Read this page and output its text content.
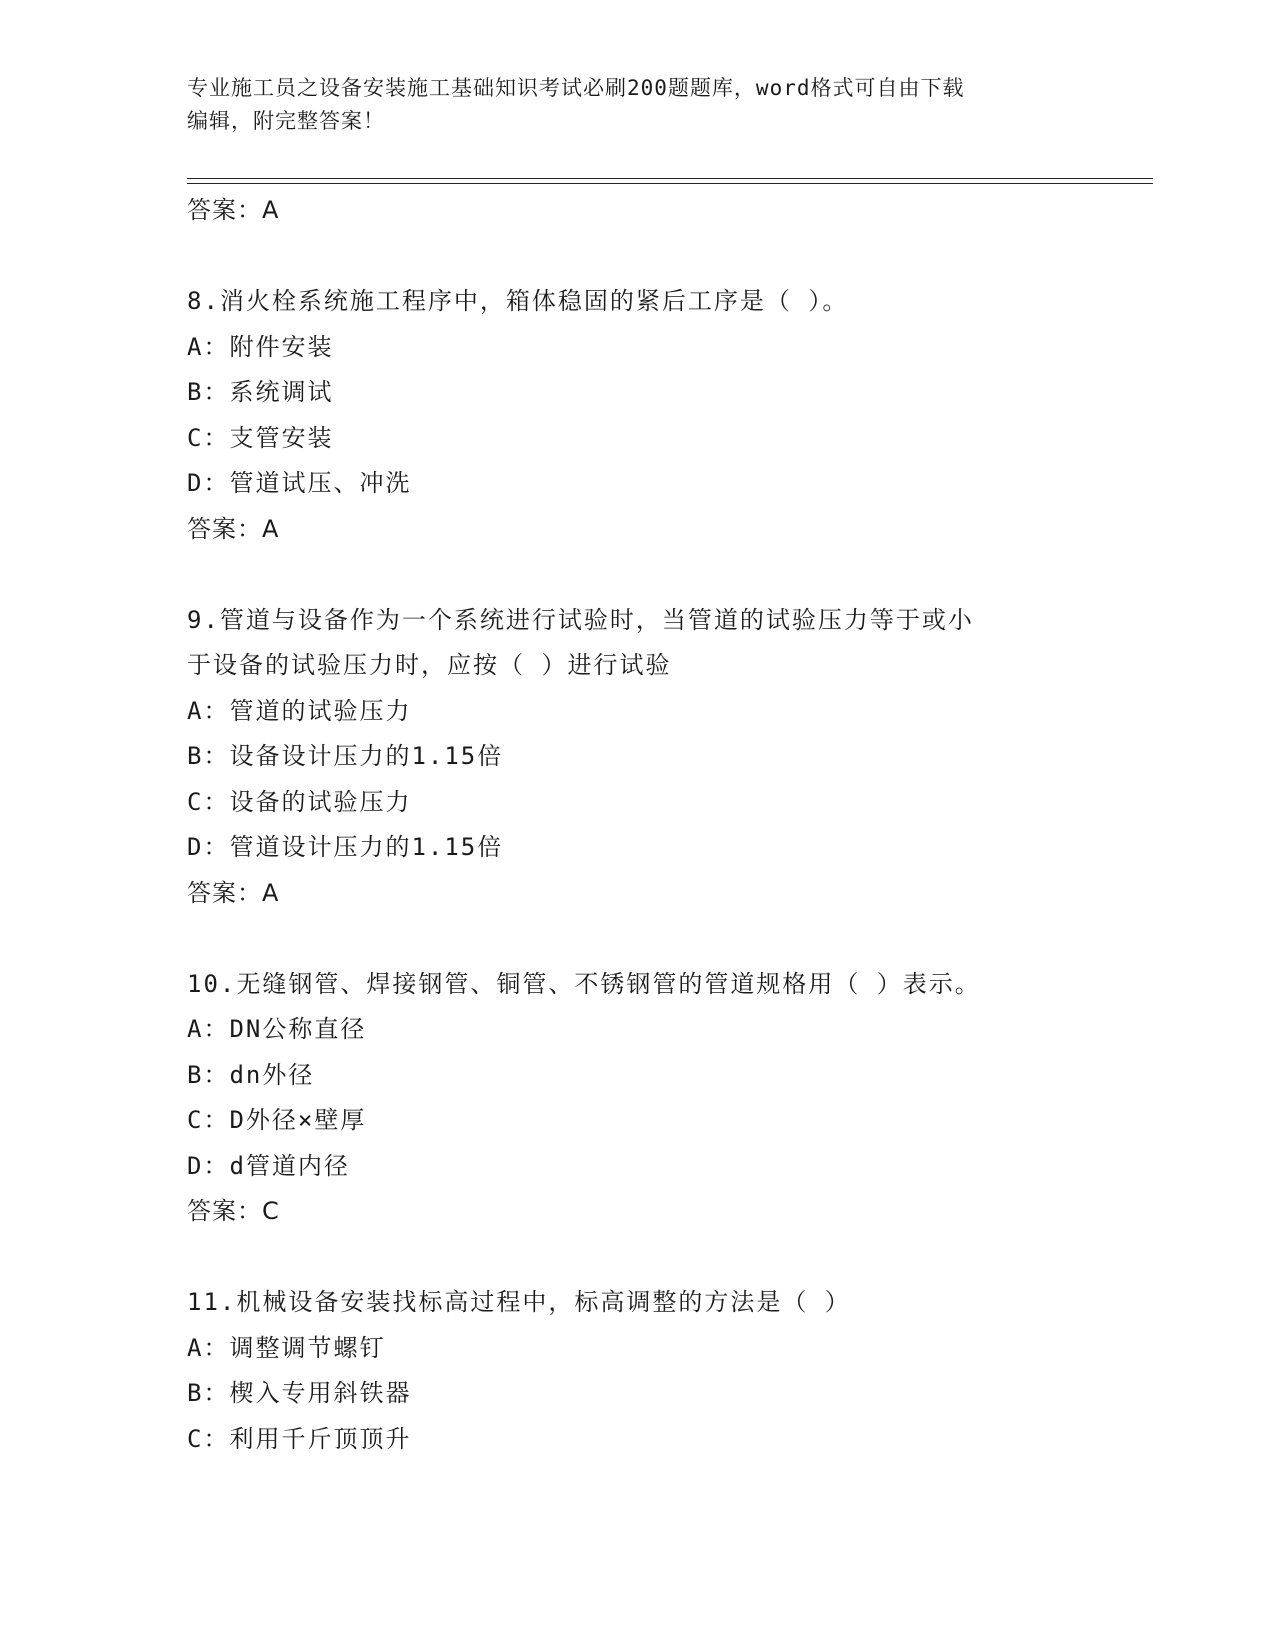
专业施工员之设备安装施工基础知识考试必刷200题题库，word格式可自由下载
编辑，附完整答案！
答案：A
8.消火栓系统施工程序中，箱体稳固的紧后工序是（ ）。
A：附件安装
B：系统调试
C：支管安装
D：管道试压、冲洗
答案：A
9.管道与设备作为一个系统进行试验时，当管道的试验压力等于或小
于设备的试验压力时，应按（ ）进行试验
A：管道的试验压力
B：设备设计压力的1.15倍
C：设备的试验压力
D：管道设计压力的1.15倍
答案：A
10.无缝钢管、焊接钢管、铜管、不锈钢管的管道规格用（ ）表示。
A：DN公称直径
B：dn外径
C：D外径×壁厚
D：d管道内径
答案：C
11.机械设备安装找标高过程中，标高调整的方法是（ ）
A：调整调节螺钉
B：楔入专用斜铁器
C：利用千斤顶顶升
